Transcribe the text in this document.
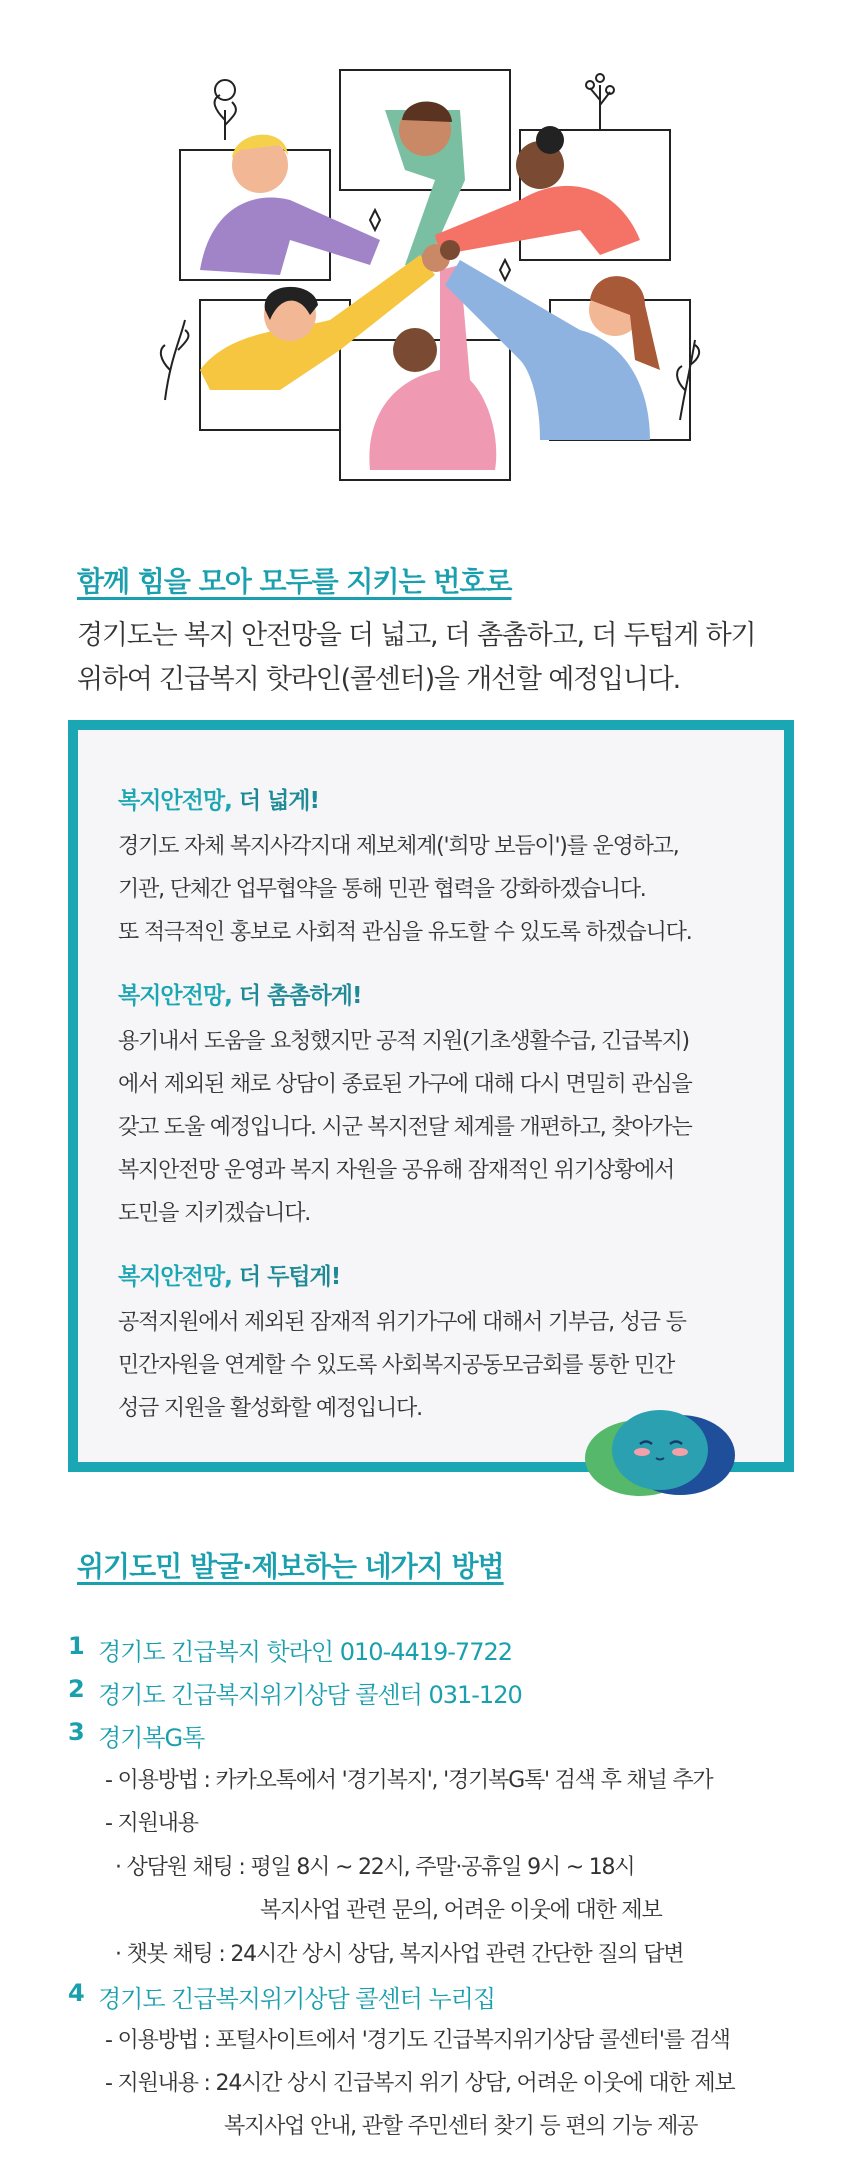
함께 힘을 모아 모두를 지키는 번호로
경기도는 복지 안전망을 더 넓고, 더 촘촘하고, 더 두텁게 하기
위하여 긴급복지 핫라인(콜센터)을 개선할 예정입니다.
복지안전망, 더 넓게!
경기도 자체 복지사각지대 제보체계('희망 보듬이')를 운영하고,
기관, 단체간 업무협약을 통해 민관 협력을 강화하겠습니다.
또 적극적인 홍보로 사회적 관심을 유도할 수 있도록 하겠습니다.
복지안전망, 더 촘촘하게!
용기내서 도움을 요청했지만 공적 지원(기초생활수급, 긴급복지)
에서 제외된 채로 상담이 종료된 가구에 대해 다시 면밀히 관심을
갖고 도울 예정입니다. 시군 복지전달 체계를 개편하고, 찾아가는
복지안전망 운영과 복지 자원을 공유해 잠재적인 위기상황에서
도민을 지키겠습니다.
복지안전망, 더 두텁게!
공적지원에서 제외된 잠재적 위기가구에 대해서 기부금, 성금 등
민간자원을 연계할 수 있도록 사회복지공동모금회를 통한 민간
성금 지원을 활성화할 예정입니다.
위기도민 발굴·제보하는 네가지 방법
1 경기도 긴급복지 핫라인 010-4419-7722
2 경기도 긴급복지위기상담 콜센터 031-120
3 경기복G톡
- 이용방법 : 카카오톡에서 '경기복지', '경기복G톡' 검색 후 채널 추가
- 지원내용
· 상담원 채팅 : 평일 8시 ~ 22시, 주말·공휴일 9시 ~ 18시
복지사업 관련 문의, 어려운 이웃에 대한 제보
· 챗봇 채팅 : 24시간 상시 상담, 복지사업 관련 간단한 질의 답변
4 경기도 긴급복지위기상담 콜센터 누리집
- 이용방법 : 포털사이트에서 '경기도 긴급복지위기상담 콜센터'를 검색
- 지원내용 : 24시간 상시 긴급복지 위기 상담, 어려운 이웃에 대한 제보
복지사업 안내, 관할 주민센터 찾기 등 편의 기능 제공
